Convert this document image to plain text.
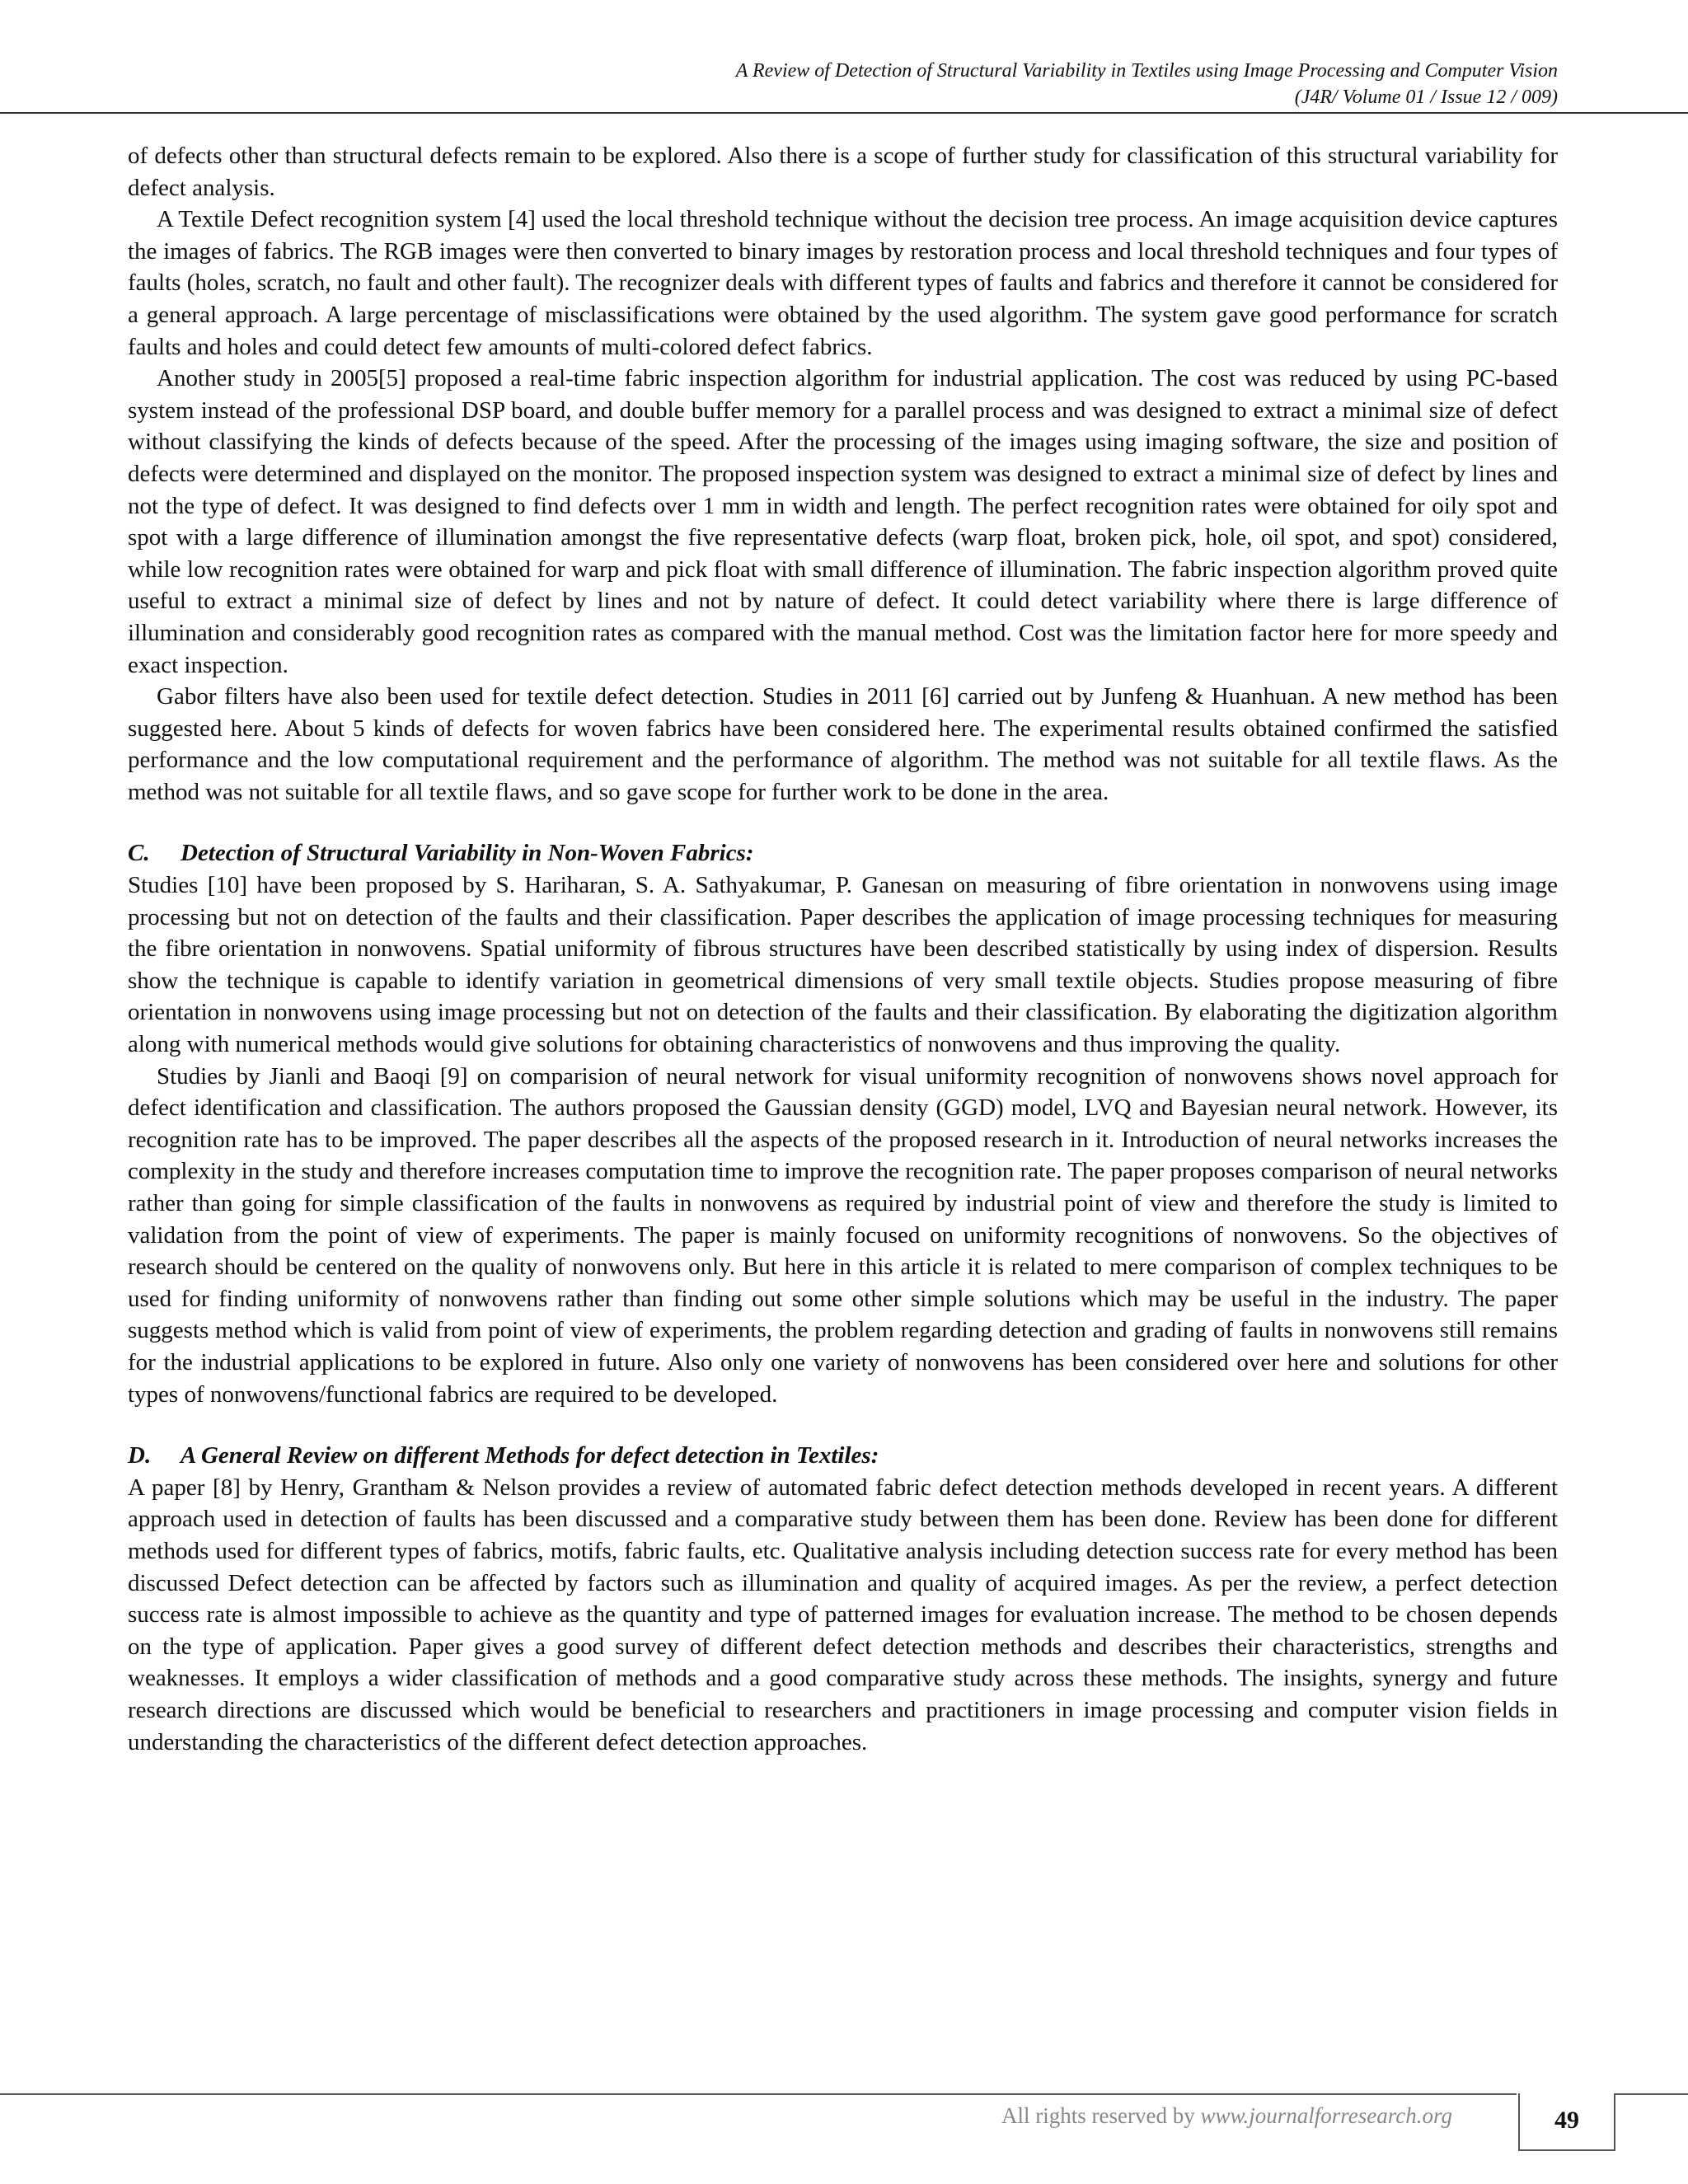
A Review of Detection of Structural Variability in Textiles using Image Processing and Computer Vision
(J4R/ Volume 01 / Issue 12 / 009)

of defects other than structural defects remain to be explored. Also there is a scope of further study for classification of this structural variability for defect analysis.

A Textile Defect recognition system [4] used the local threshold technique without the decision tree process. An image acquisition device captures the images of fabrics. The RGB images were then converted to binary images by restoration process and local threshold techniques and four types of faults (holes, scratch, no fault and other fault). The recognizer deals with different types of faults and fabrics and therefore it cannot be considered for a general approach. A large percentage of misclassifications were obtained by the used algorithm. The system gave good performance for scratch faults and holes and could detect few amounts of multi-colored defect fabrics.

Another study in 2005[5] proposed a real-time fabric inspection algorithm for industrial application. The cost was reduced by using PC-based system instead of the professional DSP board, and double buffer memory for a parallel process and was designed to extract a minimal size of defect without classifying the kinds of defects because of the speed. After the processing of the images using imaging software, the size and position of defects were determined and displayed on the monitor. The proposed inspection system was designed to extract a minimal size of defect by lines and not the type of defect. It was designed to find defects over 1 mm in width and length. The perfect recognition rates were obtained for oily spot and spot with a large difference of illumination amongst the five representative defects (warp float, broken pick, hole, oil spot, and spot) considered, while low recognition rates were obtained for warp and pick float with small difference of illumination. The fabric inspection algorithm proved quite useful to extract a minimal size of defect by lines and not by nature of defect. It could detect variability where there is large difference of illumination and considerably good recognition rates as compared with the manual method. Cost was the limitation factor here for more speedy and exact inspection.

Gabor filters have also been used for textile defect detection. Studies in 2011 [6] carried out by Junfeng & Huanhuan. A new method has been suggested here. About 5 kinds of defects for woven fabrics have been considered here. The experimental results obtained confirmed the satisfied performance and the low computational requirement and the performance of algorithm. The method was not suitable for all textile flaws. As the method was not suitable for all textile flaws, and so gave scope for further work to be done in the area.

C. Detection of Structural Variability in Non-Woven Fabrics:

Studies [10] have been proposed by S. Hariharan, S. A. Sathyakumar, P. Ganesan on measuring of fibre orientation in nonwovens using image processing but not on detection of the faults and their classification. Paper describes the application of image processing techniques for measuring the fibre orientation in nonwovens. Spatial uniformity of fibrous structures have been described statistically by using index of dispersion. Results show the technique is capable to identify variation in geometrical dimensions of very small textile objects. Studies propose measuring of fibre orientation in nonwovens using image processing but not on detection of the faults and their classification. By elaborating the digitization algorithm along with numerical methods would give solutions for obtaining characteristics of nonwovens and thus improving the quality.

Studies by Jianli and Baoqi [9] on comparision of neural network for visual uniformity recognition of nonwovens shows novel approach for defect identification and classification. The authors proposed the Gaussian density (GGD) model, LVQ and Bayesian neural network. However, its recognition rate has to be improved. The paper describes all the aspects of the proposed research in it. Introduction of neural networks increases the complexity in the study and therefore increases computation time to improve the recognition rate. The paper proposes comparison of neural networks rather than going for simple classification of the faults in nonwovens as required by industrial point of view and therefore the study is limited to validation from the point of view of experiments. The paper is mainly focused on uniformity recognitions of nonwovens. So the objectives of research should be centered on the quality of nonwovens only. But here in this article it is related to mere comparison of complex techniques to be used for finding uniformity of nonwovens rather than finding out some other simple solutions which may be useful in the industry. The paper suggests method which is valid from point of view of experiments, the problem regarding detection and grading of faults in nonwovens still remains for the industrial applications to be explored in future. Also only one variety of nonwovens has been considered over here and solutions for other types of nonwovens/functional fabrics are required to be developed.

D. A General Review on different Methods for defect detection in Textiles:

A paper [8] by Henry, Grantham & Nelson provides a review of automated fabric defect detection methods developed in recent years. A different approach used in detection of faults has been discussed and a comparative study between them has been done. Review has been done for different methods used for different types of fabrics, motifs, fabric faults, etc. Qualitative analysis including detection success rate for every method has been discussed Defect detection can be affected by factors such as illumination and quality of acquired images. As per the review, a perfect detection success rate is almost impossible to achieve as the quantity and type of patterned images for evaluation increase. The method to be chosen depends on the type of application. Paper gives a good survey of different defect detection methods and describes their characteristics, strengths and weaknesses. It employs a wider classification of methods and a good comparative study across these methods. The insights, synergy and future research directions are discussed which would be beneficial to researchers and practitioners in image processing and computer vision fields in understanding the characteristics of the different defect detection approaches.

All rights reserved by www.journalforresearch.org	49
